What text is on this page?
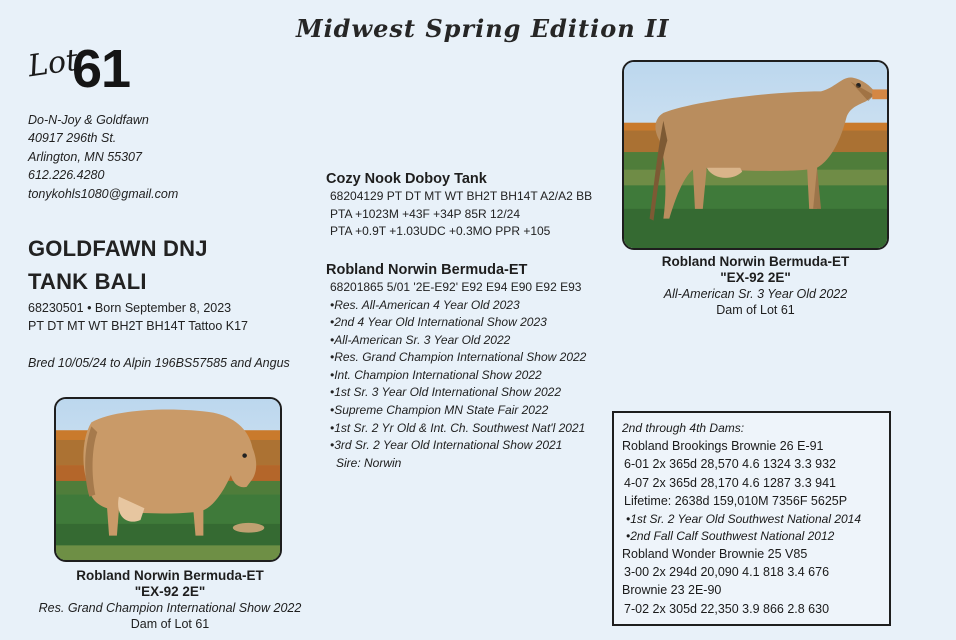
Midwest Spring Edition II
Lot
61
Do-N-Joy & Goldfawn
40917 296th St.
Arlington, MN 55307
612.226.4280
tonykohls1080@gmail.com
GOLDFAWN DNJ
TANK BALI
68230501 • Born September 8, 2023
PT DT MT WT BH2T BH14T Tattoo K17
Bred 10/05/24 to Alpin 196BS57585 and Angus
Robland Norwin Bermuda-ET
"EX-92 2E"
All-American Sr. 3 Year Old 2022
Dam of Lot 61
Cozy Nook Doboy Tank
68204129 PT DT MT WT BH2T BH14T A2/A2 BB
PTA +1023M +43F +34P 85R 12/24
PTA +0.9T +1.03UDC +0.3MO PPR +105
Robland Norwin Bermuda-ET
68201865 5/01 '2E-E92' E92 E94 E90 E92 E93
•Res. All-American 4 Year Old 2023
•2nd 4 Year Old International Show 2023
•All-American Sr. 3 Year Old 2022
•Res. Grand Champion International Show 2022
•Int. Champion International Show 2022
•1st Sr. 3 Year Old International Show 2022
•Supreme Champion MN State Fair 2022
•1st Sr. 2 Yr Old & Int. Ch. Southwest Nat'l 2021
•3rd Sr. 2 Year Old International Show 2021
Sire: Norwin
Robland Norwin Bermuda-ET
"EX-92 2E"
Res. Grand Champion International Show 2022
Dam of Lot 61
2nd through 4th Dams:
Robland Brookings Brownie 26 E-91
6-01 2x 365d 28,570 4.6 1324 3.3 932
4-07 2x 365d 28,170 4.6 1287 3.3 941
Lifetime: 2638d 159,010M 7356F 5625P
•1st Sr. 2 Year Old Southwest National 2014
•2nd Fall Calf Southwest National 2012
Robland Wonder Brownie 25 V85
3-00 2x 294d 20,090 4.1 818 3.4 676
Brownie 23 2E-90
7-02 2x 305d 22,350 3.9 866 2.8 630
